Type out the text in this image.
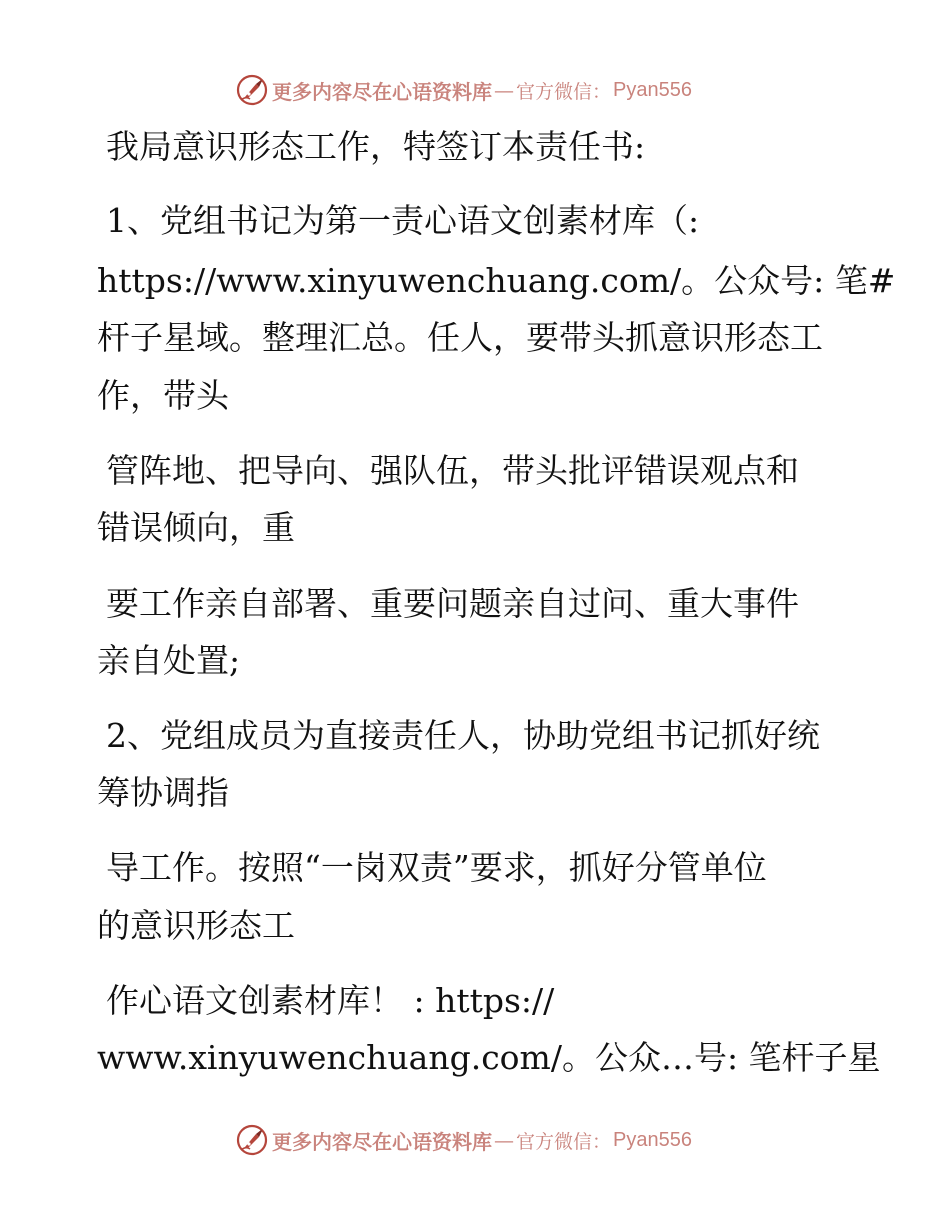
更多内容尽在心语资料库 — 官方微信： Pyan556
我局意识形态工作，特签订本责任书:
1、党组书记为第一责心语文创素材库（:
https://www.xinyuwenchuang.com/。公众号: 笔#
杆子星域。整理汇总。任人，要带头抓意识形态工
作，带头
管阵地、把导向、强队伍，带头批评错误观点和
错误倾向，重
要工作亲自部署、重要问题亲自过问、重大事件
亲自处置;
2、党组成员为直接责任人，协助党组书记抓好统
筹协调指
导工作。按照“一岗双责”要求，抓好分管单位
的意识形态工
作心语文创素材库！ : https://
www.xinyuwenchuang.com/。公众…号: 笔杆子星
更多内容尽在心语资料库 — 官方微信： Pyan556
